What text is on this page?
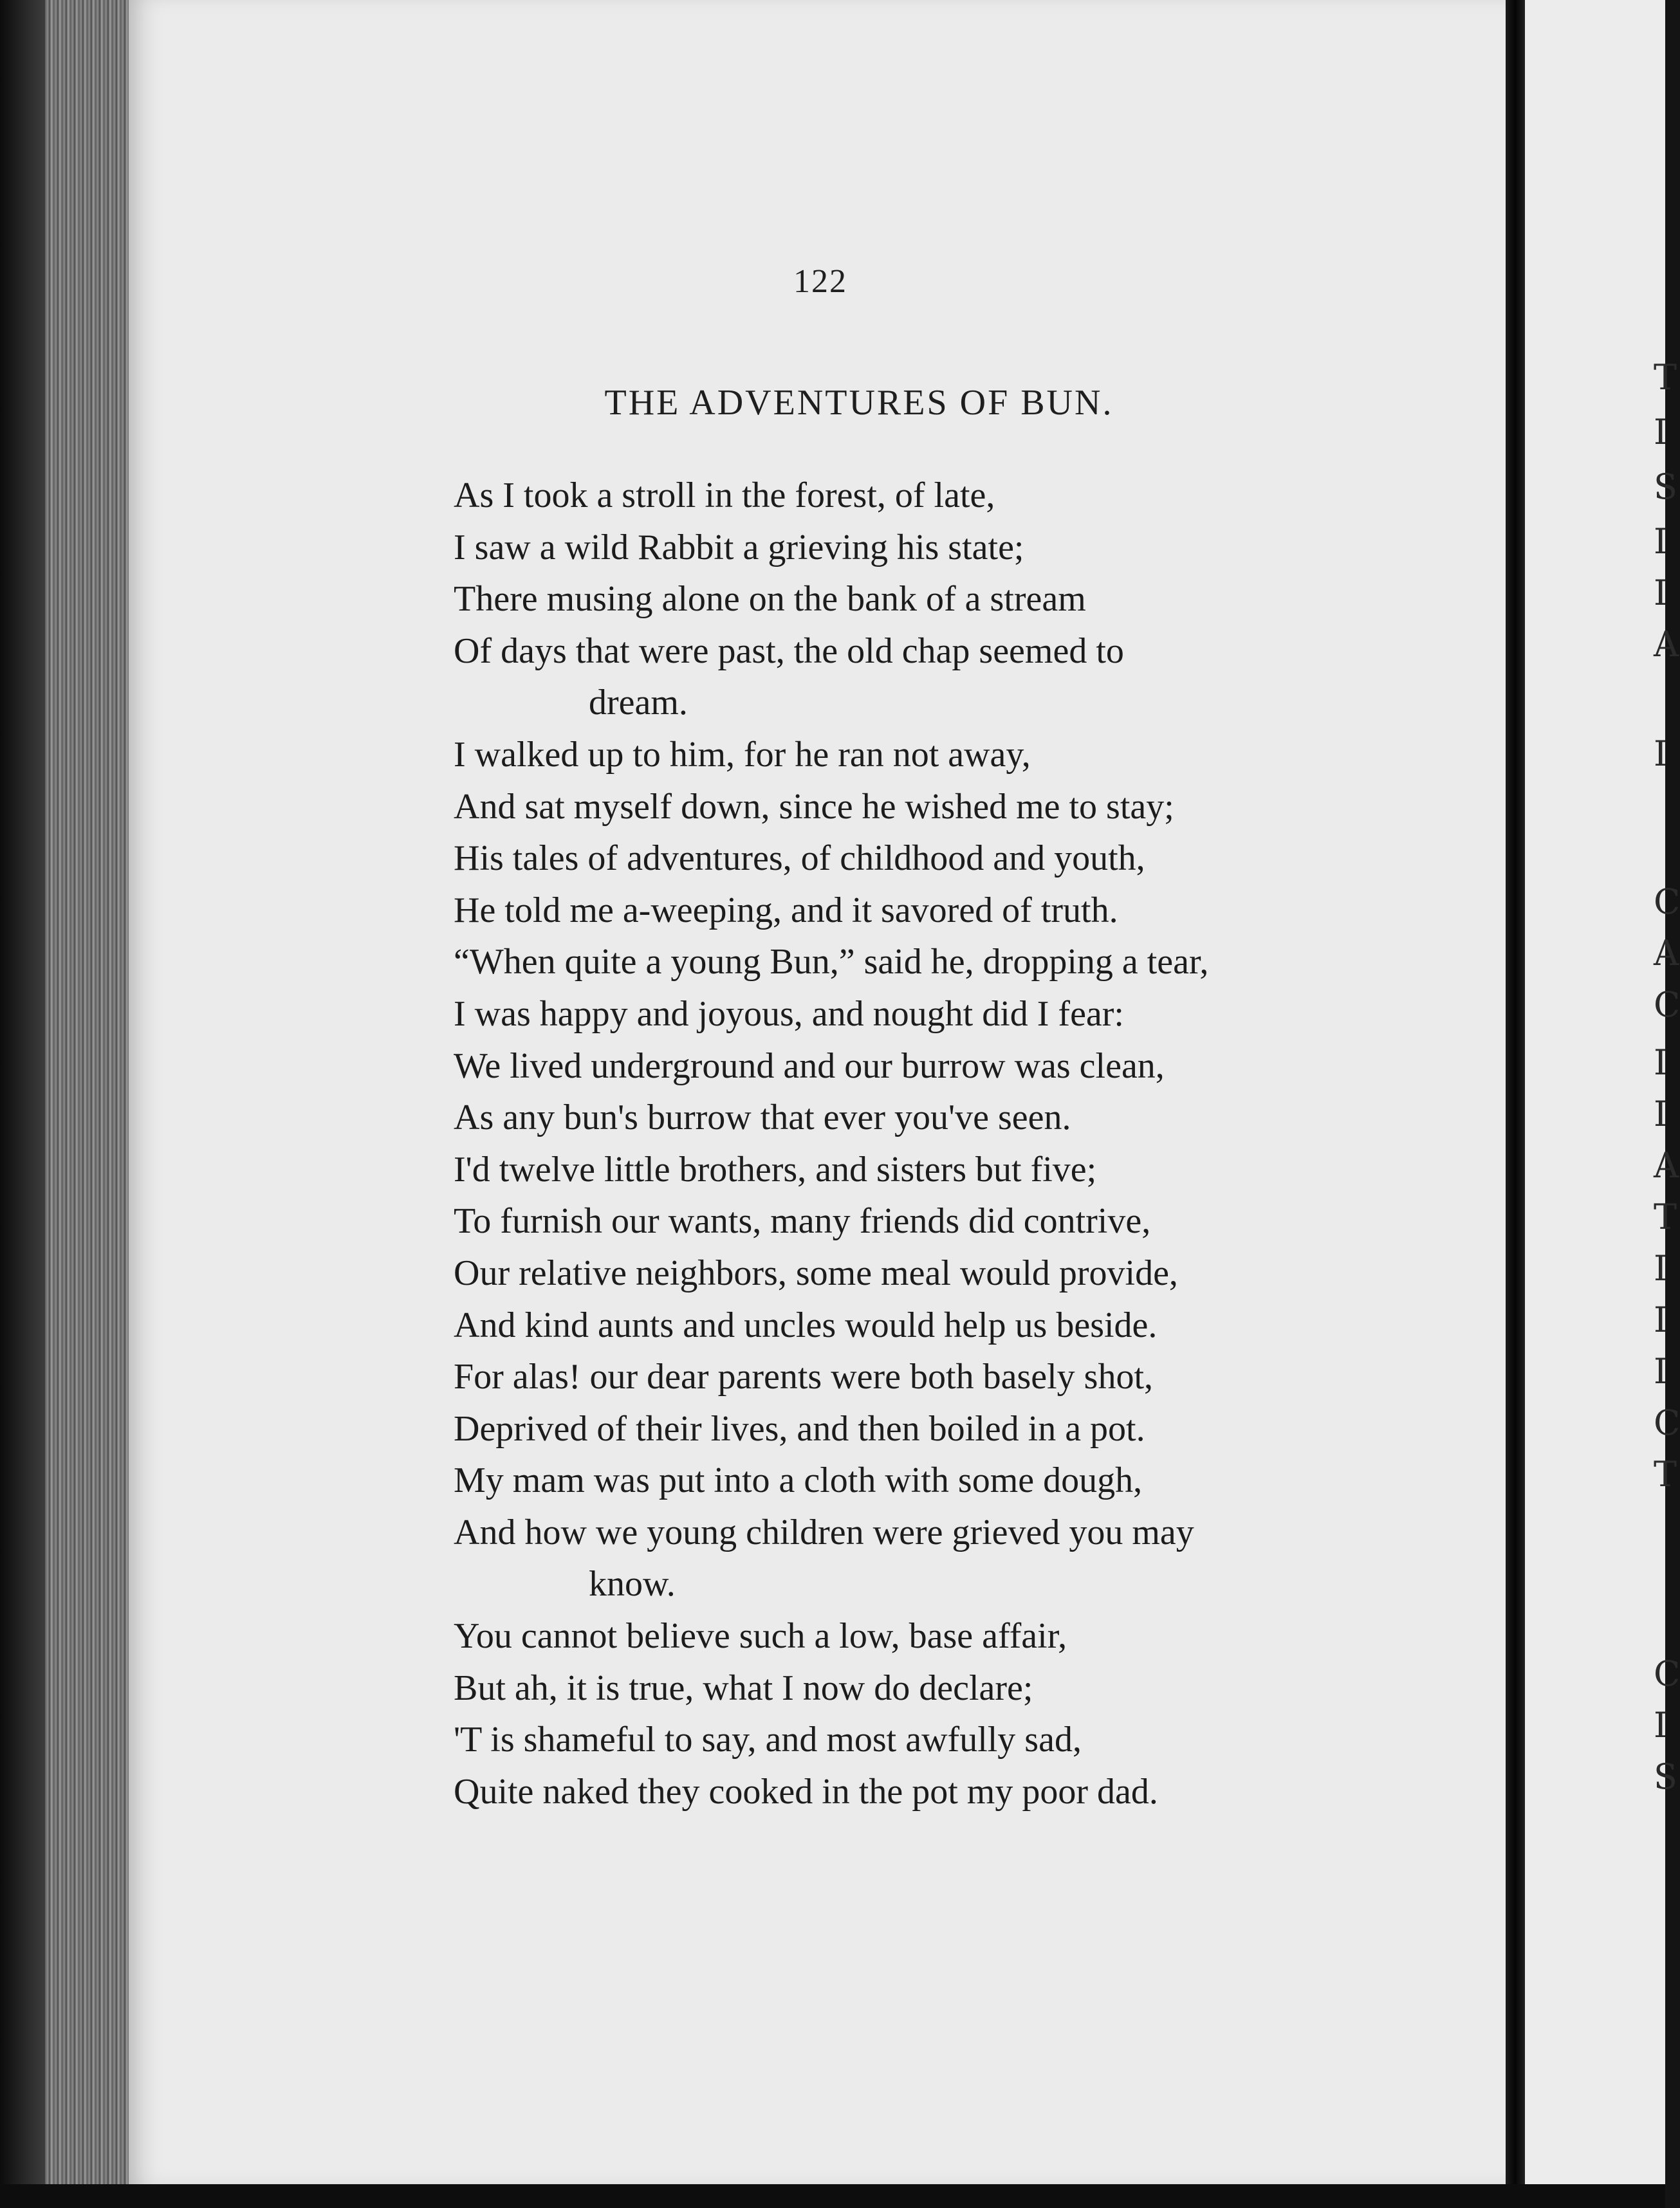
122
THE ADVENTURES OF BUN.
As I took a stroll in the forest, of late,
I saw a wild Rabbit a grieving his state;
There musing alone on the bank of a stream
Of days that were past, the old chap seemed to
dream.
I walked up to him, for he ran not away,
And sat myself down, since he wished me to stay;
His tales of adventures, of childhood and youth,
He told me a-weeping, and it savored of truth.
“When quite a young Bun,” said he, dropping a tear,
I was happy and joyous, and nought did I fear:
We lived underground and our burrow was clean,
As any bun's burrow that ever you've seen.
I'd twelve little brothers, and sisters but five;
To furnish our wants, many friends did contrive,
Our relative neighbors, some meal would provide,
And kind aunts and uncles would help us beside.
For alas! our dear parents were both basely shot,
Deprived of their lives, and then boiled in a pot.
My mam was put into a cloth with some dough,
And how we young children were grieved you may
know.
You cannot believe such a low, base affair,
But ah, it is true, what I now do declare;
'T is shameful to say, and most awfully sad,
Quite naked they cooked in the pot my poor dad.
T
I
S
I
I
A
I
C
A
C
I
I
A
T
I
I
I
C
T
C
I
S
